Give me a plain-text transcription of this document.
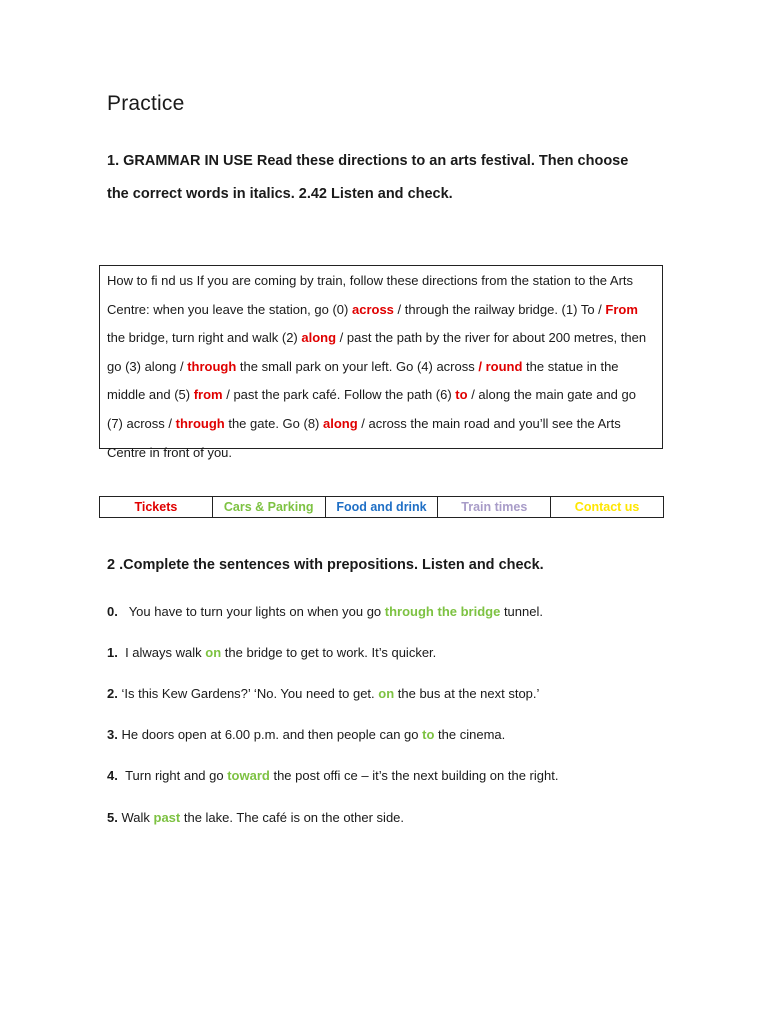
Practice
1. GRAMMAR IN USE Read these directions to an arts festival. Then choose
the correct words in italics. 2.42 Listen and check.
How to fi nd us If you are coming by train, follow these directions from the station to the Arts Centre: when you leave the station, go (0) across / through the railway bridge. (1) To / From the bridge, turn right and walk (2) along / past the path by the river for about 200 metres, then go (3) along / through the small park on your left. Go (4) across / round the statue in the middle and (5) from / past the park café. Follow the path (6) to / along the main gate and go (7) across / through the gate. Go (8) along / across the main road and you’ll see the Arts Centre in front of you.
Tickets	Cars & Parking	Food and drink	Train times	Contact us
2 .Complete the sentences with prepositions. Listen and check.
0. You have to turn your lights on when you go through the bridge tunnel.
1. I always walk on the bridge to get to work. It’s quicker.
2. ‘Is this Kew Gardens?’ ‘No. You need to get. on the bus at the next stop.’
3. He doors open at 6.00 p.m. and then people can go to the cinema.
4. Turn right and go toward the post offi ce – it’s the next building on the right.
5. Walk past the lake. The café is on the other side.
